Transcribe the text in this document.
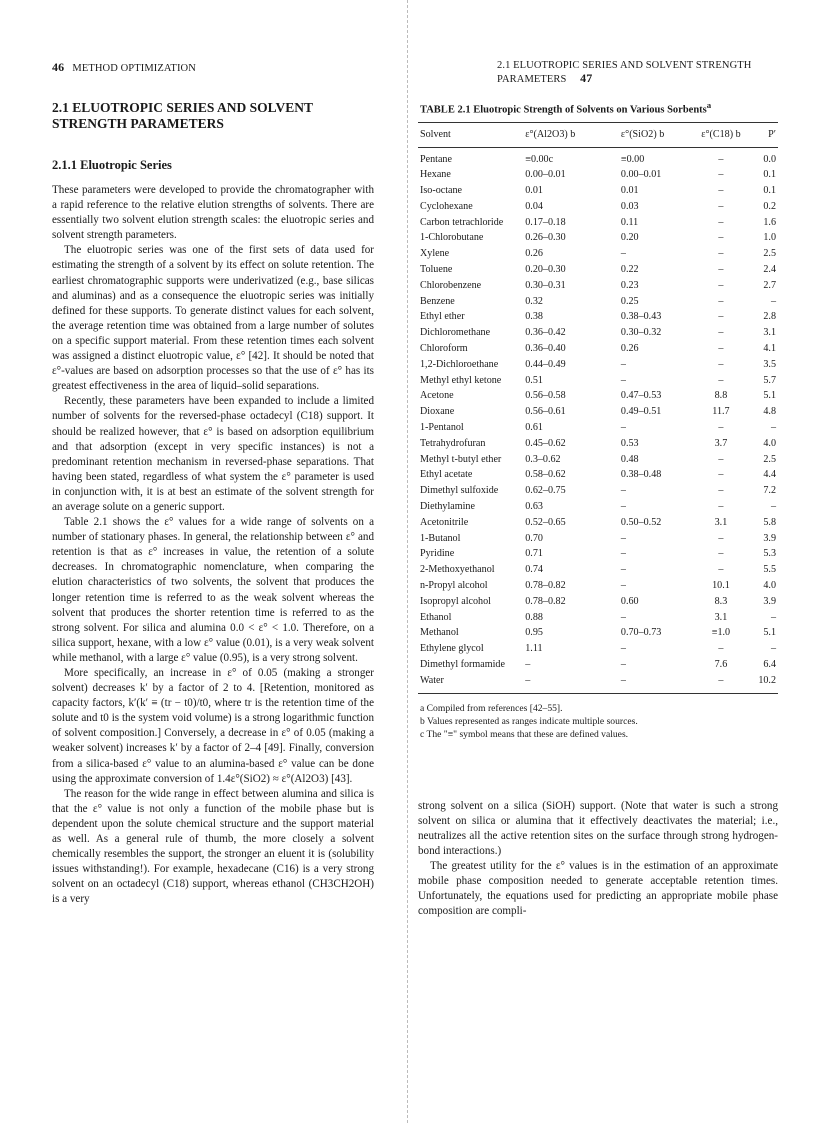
46 METHOD OPTIMIZATION	2.1 ELUOTROPIC SERIES AND SOLVENT STRENGTH PARAMETERS 47
2.1 ELUOTROPIC SERIES AND SOLVENT STRENGTH PARAMETERS
2.1.1 Eluotropic Series

These parameters were developed to provide the chromatographer with a rapid reference to the relative elution strengths of solvents. There are essentially two solvent elution strength scales: the eluotropic series and solvent strength parameters.

The eluotropic series was one of the first sets of data used for estimating the strength of a solvent by its effect on solute retention. The earliest chromatographic supports were underivatized (e.g., base silicas and aluminas) and as a consequence the eluotropic series was initially defined for these supports. To generate distinct values for each solvent, the average retention time was obtained from a large number of solutes on a specific support material. From these retention times each solvent was assigned a distinct eluotropic value, ε° [42]. It should be noted that ε°-values are based on adsorption processes so that the use of ε° has its greatest effectiveness in the area of liquid–solid separations.

Recently, these parameters have been expanded to include a limited number of solvents for the reversed-phase octadecyl (C18) support. It should be realized however, that ε° is based on adsorption equilibrium and that adsorption (except in very specific instances) is not a predominant retention mechanism in reversed-phase separations. That having been stated, regardless of what system the ε° parameter is used in conjunction with, it is at best an estimate of the solvent strength for an average solute on a generic support.

Table 2.1 shows the ε° values for a wide range of solvents on a number of stationary phases. In general, the relationship between ε° and retention is that as ε° increases in value, the retention of a solute decreases. In chromatographic nomenclature, when comparing the elution characteristics of two solvents, the solvent that produces the longer retention time is referred to as the weak solvent whereas the solvent that produces the shorter retention time is referred to as the strong solvent. For silica and alumina 0.0 < ε° < 1.0. Therefore, on a silica support, hexane, with a low ε° value (0.01), is a very weak solvent while methanol, with a large ε° value (0.95), is a very strong solvent.

More specifically, an increase in ε° of 0.05 (making a stronger solvent) decreases k′ by a factor of 2 to 4. [Retention, monitored as capacity factors, k′(k′ ≡ (tr − t0)/t0, where tr is the retention time of the solute and t0 is the system void volume) is a strong logarithmic function of solvent composition.] Conversely, a decrease in ε° of 0.05 (making a weaker solvent) increases k′ by a factor of 2–4 [49]. Finally, conversion from a silica-based ε° value to an alumina-based ε° value can be done using the approximate conversion of 1.4ε°(SiO2) ≈ ε°(Al2O3) [43].

The reason for the wide range in effect between alumina and silica is that the ε° value is not only a function of the mobile phase but is dependent upon the solute chemical structure and the support material as well. As a general rule of thumb, the more closely a solvent chemically resembles the support, the stronger an eluent it is (solubility issues withstanding!). For example, hexadecane (C16) is a very strong solvent on an octadecyl (C18) support, whereas ethanol (CH3CH2OH) is a very

TABLE 2.1 Eluotropic Strength of Solvents on Various Sorbents$^a$
Solvent	ε°(Al2O3) b	ε°(SiO2) b	ε°(C18) b	P′
Pentane	≡0.00c	≡0.00	–	0.0
Hexane	0.00–0.01	0.00–0.01	–	0.1
Iso-octane	0.01	0.01	–	0.1
Cyclohexane	0.04	0.03	–	0.2
Carbon tetrachloride	0.17–0.18	0.11	–	1.6
1-Chlorobutane	0.26–0.30	0.20	–	1.0
Xylene	0.26	–	–	2.5
Toluene	0.20–0.30	0.22	–	2.4
Chlorobenzene	0.30–0.31	0.23	–	2.7
Benzene	0.32	0.25	–	–
Ethyl ether	0.38	0.38–0.43	–	2.8
Dichloromethane	0.36–0.42	0.30–0.32	–	3.1
Chloroform	0.36–0.40	0.26	–	4.1
1,2-Dichloroethane	0.44–0.49	–	–	3.5
Methyl ethyl ketone	0.51	–	–	5.7
Acetone	0.56–0.58	0.47–0.53	8.8	5.1
Dioxane	0.56–0.61	0.49–0.51	11.7	4.8
1-Pentanol	0.61	–	–	–
Tetrahydrofuran	0.45–0.62	0.53	3.7	4.0
Methyl t-butyl ether	0.3–0.62	0.48	–	2.5
Ethyl acetate	0.58–0.62	0.38–0.48	–	4.4
Dimethyl sulfoxide	0.62–0.75	–	–	7.2
Diethylamine	0.63	–	–	–
Acetonitrile	0.52–0.65	0.50–0.52	3.1	5.8
1-Butanol	0.70	–	–	3.9
Pyridine	0.71	–	–	5.3
2-Methoxyethanol	0.74	–	–	5.5
n-Propyl alcohol	0.78–0.82	–	10.1	4.0
Isopropyl alcohol	0.78–0.82	0.60	8.3	3.9
Ethanol	0.88	–	3.1	–
Methanol	0.95	0.70–0.73	≡1.0	5.1
Ethylene glycol	1.11	–	–	–
Dimethyl formamide	–	–	7.6	6.4
Water	–	–	–	10.2
a Compiled from references [42–55].
b Values represented as ranges indicate multiple sources.
c The "≡" symbol means that these are defined values.

strong solvent on a silica (SiOH) support. (Note that water is such a strong solvent on silica or alumina that it effectively deactivates the material; i.e., neutralizes all the active retention sites on the surface through strong hydrogen-bond interactions.)

The greatest utility for the ε° values is in the estimation of an approximate mobile phase composition needed to generate acceptable retention times. Unfortunately, the equations used for predicting an appropriate mobile phase composition are compli-
